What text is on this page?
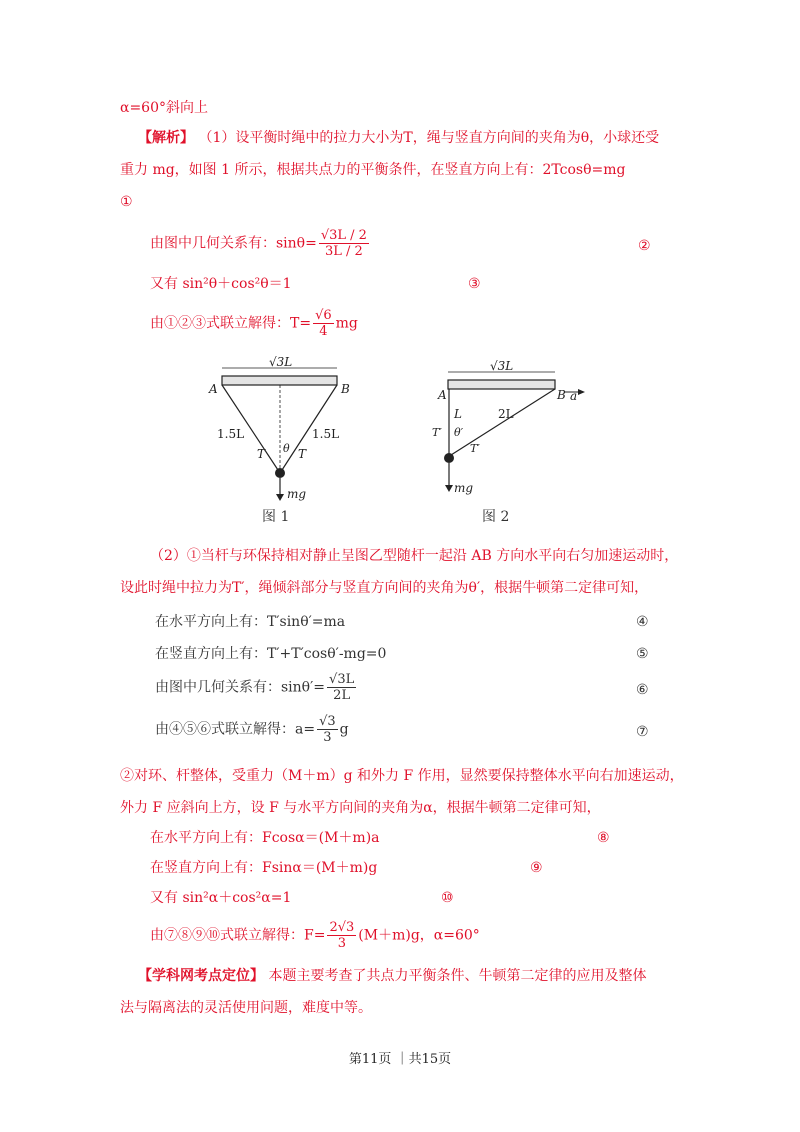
α=60°斜向上
【解析】 （1）设平衡时绳中的拉力大小为T，绳与竖直方向间的夹角为θ，小球还受
重力 mg，如图 1 所示，根据共点力的平衡条件，在竖直方向上有：2Tcosθ=mg
①
由图中几何关系有：$\sin\theta= \frac{√3L / 2}{3L / 2}$	②
又有 sin²θ＋cos²θ＝1	③
由①②③式联立解得：$T= \frac{√6}{4}$ mg
√3L
A	B
1.5L	1.5L
θ
T	T
mg
图 1
√3L
A	B a
L	2L
T′ θ′
T′
mg
图 2
（2）①当杆与环保持相对静止呈图乙型随杆一起沿 AB 方向水平向右匀加速运动时，
设此时绳中拉力为T′，绳倾斜部分与竖直方向间的夹角为θ′，根据牛顿第二定律可知，
在水平方向上有：T′sinθ′=ma	④
在竖直方向上有：T′+T′cosθ′-mg=0	⑤
由图中几何关系有：$\sin\theta'= \frac{√3L}{2L}$	⑥
由④⑤⑥式联立解得：$a= \frac{√3}{3}$ g	⑦
②对环、杆整体，受重力（M＋m）g 和外力 F 作用，显然要保持整体水平向右加速运动，
外力 F 应斜向上方，设 F 与水平方向间的夹角为α，根据牛顿第二定律可知，
在水平方向上有：Fcosα＝(M＋m)a	⑧
在竖直方向上有：Fsinα＝(M＋m)g	⑨
又有 sin²α＋cos²α=1	⑩
由⑦⑧⑨⑩式联立解得：$F= \frac{2√3}{3} (M+m)g$，α=60°
【学科网考点定位】 本题主要考查了共点力平衡条件、牛顿第二定律的应用及整体
法与隔离法的灵活使用问题，难度中等。
第11页 ｜共15页
